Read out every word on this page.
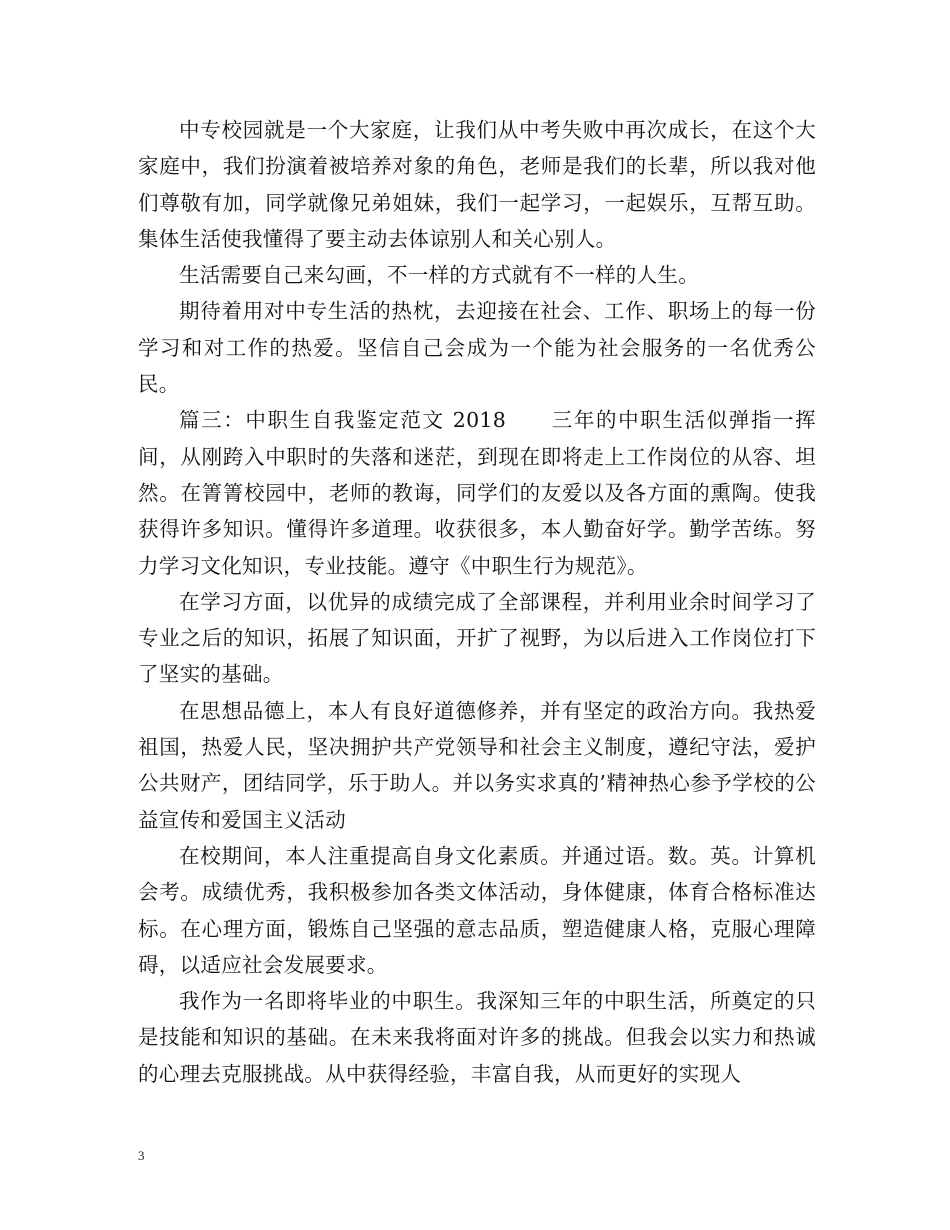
中专校园就是一个大家庭，让我们从中考失败中再次成长，在这个大家庭中，我们扮演着被培养对象的角色，老师是我们的长辈，所以我对他们尊敬有加，同学就像兄弟姐妹，我们一起学习，一起娱乐，互帮互助。集体生活使我懂得了要主动去体谅别人和关心别人。

生活需要自己来勾画，不一样的方式就有不一样的人生。

期待着用对中专生活的热枕，去迎接在社会、工作、职场上的每一份学习和对工作的热爱。坚信自己会成为一个能为社会服务的一名优秀公民。

篇三：中职生自我鉴定范文 2018　　三年的中职生活似弹指一挥间，从刚跨入中职时的失落和迷茫，到现在即将走上工作岗位的从容、坦然。在箐箐校园中，老师的教诲，同学们的友爱以及各方面的熏陶。使我获得许多知识。懂得许多道理。收获很多，本人勤奋好学。勤学苦练。努力学习文化知识，专业技能。遵守《中职生行为规范》。

在学习方面，以优异的成绩完成了全部课程，并利用业余时间学习了专业之后的知识，拓展了知识面，开扩了视野，为以后进入工作岗位打下了坚实的基础。

在思想品德上，本人有良好道德修养，并有坚定的政治方向。我热爱祖国，热爱人民，坚决拥护共产党领导和社会主义制度，遵纪守法，爱护公共财产，团结同学，乐于助人。并以务实求真的’精神热心参予学校的公益宣传和爱国主义活动

在校期间，本人注重提高自身文化素质。并通过语。数。英。计算机会考。成绩优秀，我积极参加各类文体活动，身体健康，体育合格标准达标。在心理方面，锻炼自己坚强的意志品质，塑造健康人格，克服心理障碍，以适应社会发展要求。

我作为一名即将毕业的中职生。我深知三年的中职生活，所奠定的只是技能和知识的基础。在未来我将面对许多的挑战。但我会以实力和热诚的心理去克服挑战。从中获得经验，丰富自我，从而更好的实现人

3
